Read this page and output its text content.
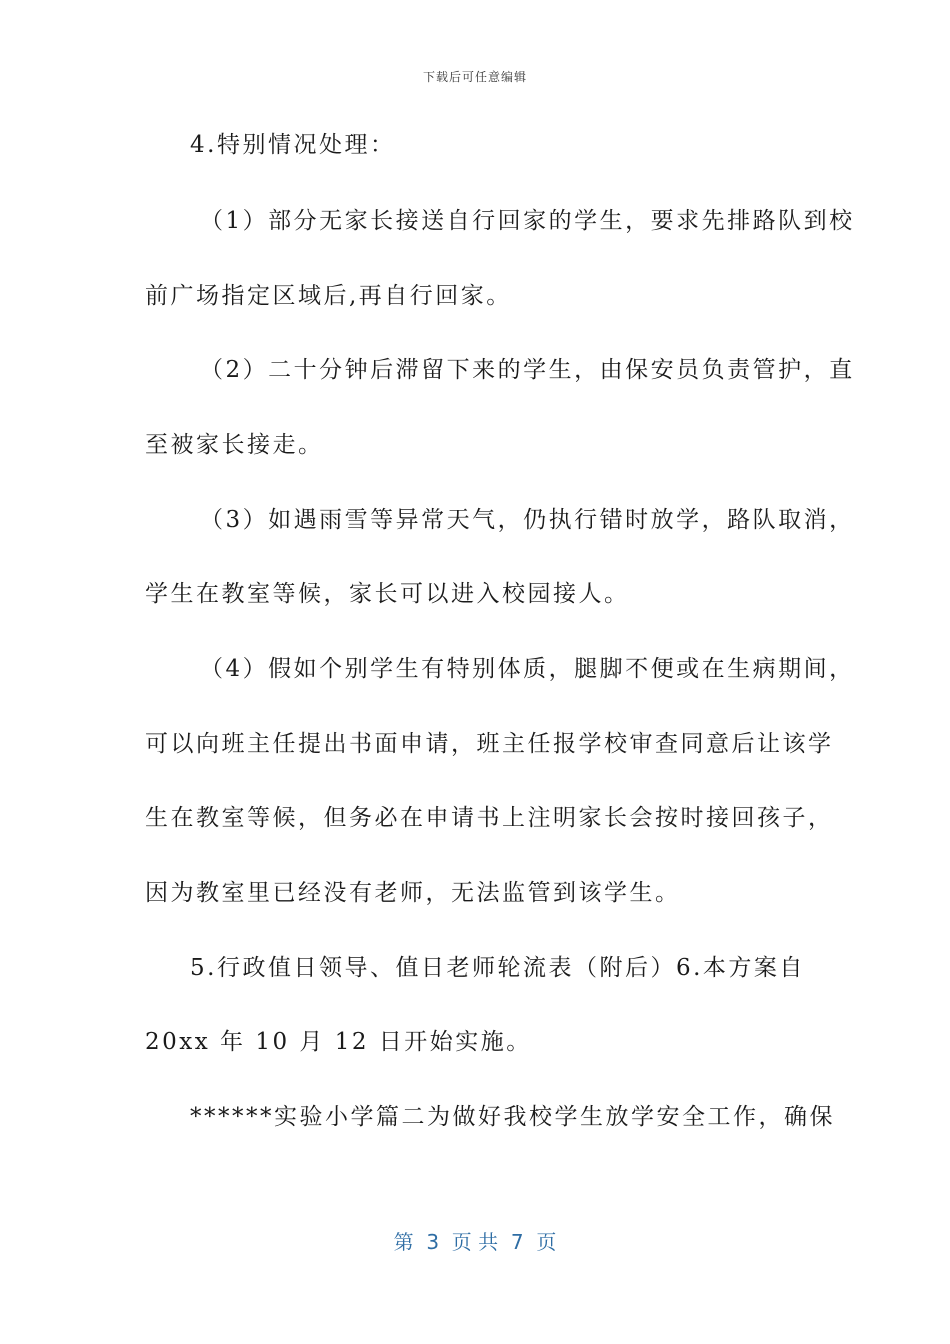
下载后可任意编辑
4.特别情况处理：
（1）部分无家长接送自行回家的学生，要求先排路队到校
前广场指定区域后,再自行回家。
（2）二十分钟后滞留下来的学生，由保安员负责管护，直
至被家长接走。
（3）如遇雨雪等异常天气，仍执行错时放学，路队取消，
学生在教室等候，家长可以进入校园接人。
（4）假如个别学生有特别体质，腿脚不便或在生病期间，
可以向班主任提出书面申请，班主任报学校审查同意后让该学
生在教室等候，但务必在申请书上注明家长会按时接回孩子，
因为教室里已经没有老师，无法监管到该学生。
5.行政值日领导、值日老师轮流表（附后）6.本方案自
20xx 年 10 月 12 日开始实施。
******实验小学篇二为做好我校学生放学安全工作，确保
第  3  页 共  7  页
